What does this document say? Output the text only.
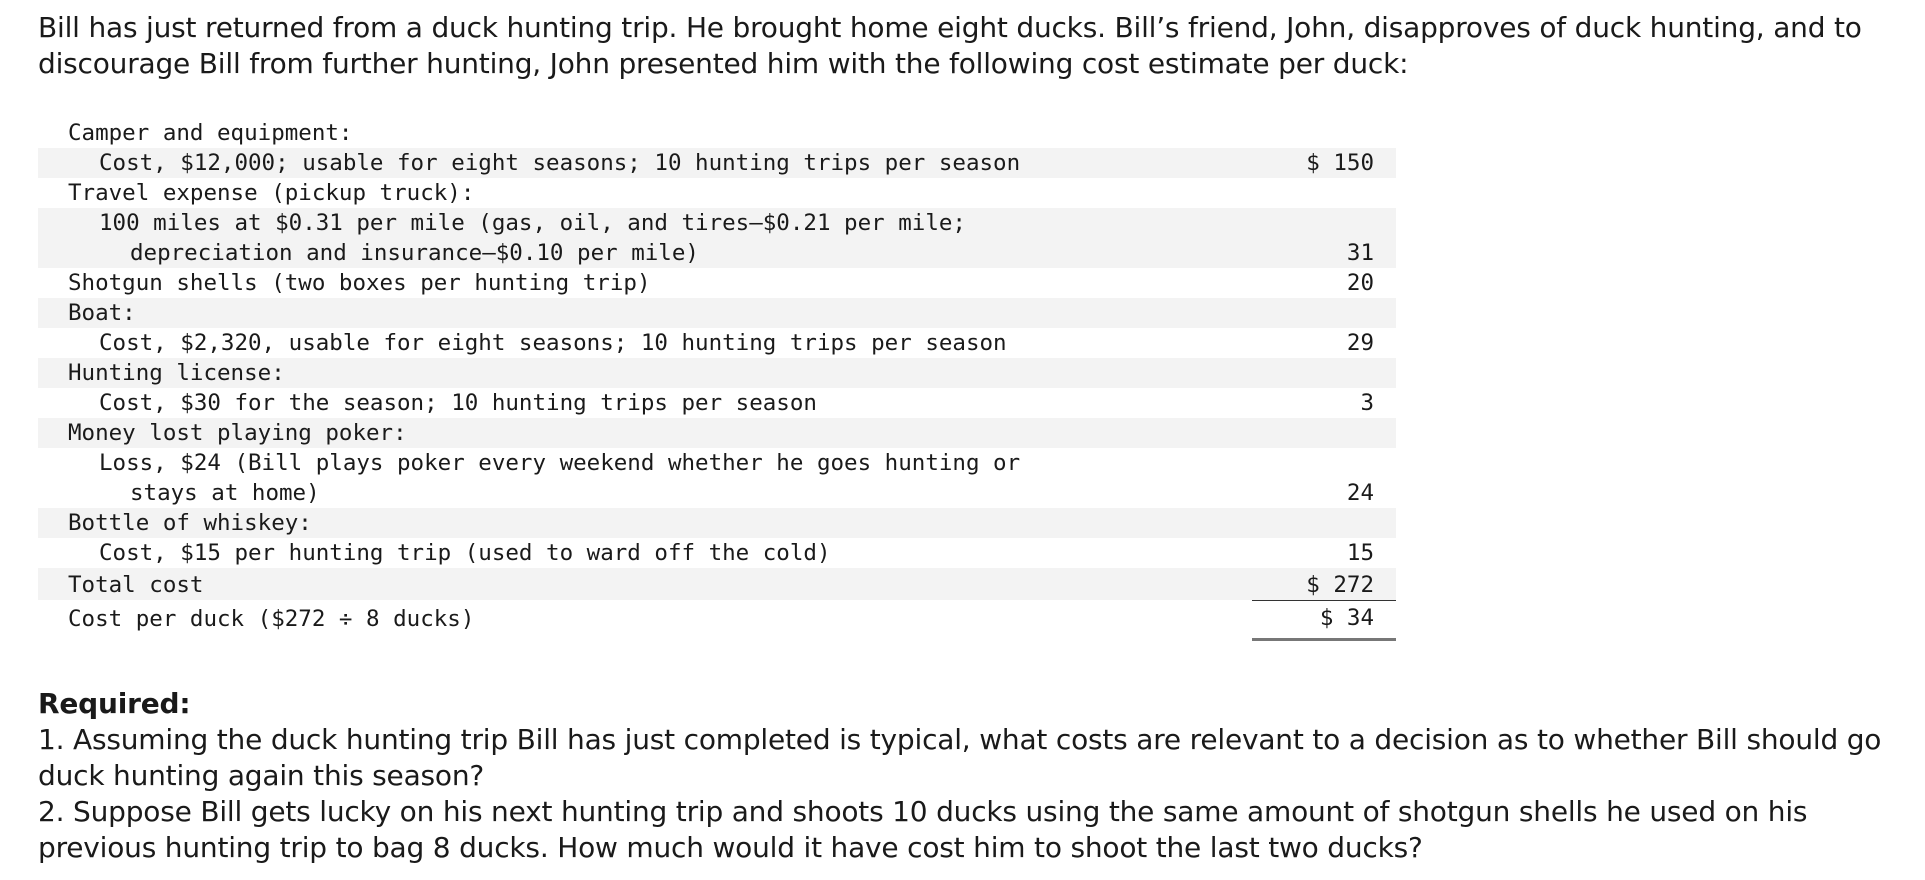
Bill has just returned from a duck hunting trip. He brought home eight ducks. Bill’s friend, John, disapproves of duck hunting, and to discourage Bill from further hunting, John presented him with the following cost estimate per duck:
Camper and equipment:
Cost, $12,000; usable for eight seasons; 10 hunting trips per season	$ 150
Travel expense (pickup truck):
100 miles at $0.31 per mile (gas, oil, and tires—$0.21 per mile;
depreciation and insurance—$0.10 per mile)	31
Shotgun shells (two boxes per hunting trip)	20
Boat:
Cost, $2,320, usable for eight seasons; 10 hunting trips per season	29
Hunting license:
Cost, $30 for the season; 10 hunting trips per season	3
Money lost playing poker:
Loss, $24 (Bill plays poker every weekend whether he goes hunting or
stays at home)	24
Bottle of whiskey:
Cost, $15 per hunting trip (used to ward off the cold)	15
Total cost	$ 272
Cost per duck ($272 ÷ 8 ducks)	$ 34
Required:
1. Assuming the duck hunting trip Bill has just completed is typical, what costs are relevant to a decision as to whether Bill should go duck hunting again this season?
2. Suppose Bill gets lucky on his next hunting trip and shoots 10 ducks using the same amount of shotgun shells he used on his previous hunting trip to bag 8 ducks. How much would it have cost him to shoot the last two ducks?
